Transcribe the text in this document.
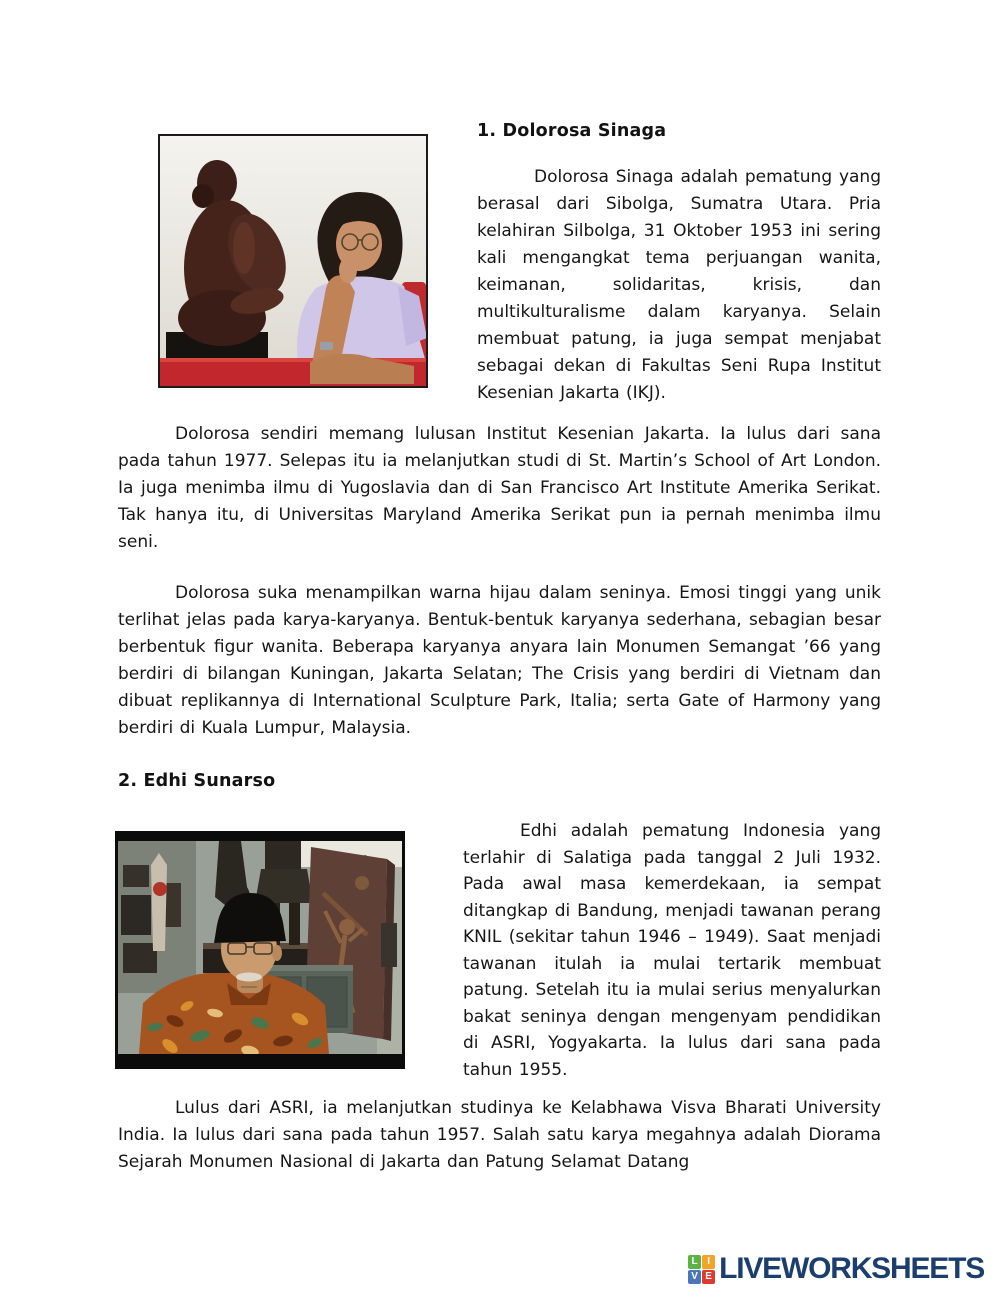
1. Dolorosa Sinaga

Dolorosa Sinaga adalah pematung yang berasal dari Sibolga, Sumatra Utara. Pria kelahiran Silbolga, 31 Oktober 1953 ini sering kali mengangkat tema perjuangan wanita, keimanan, solidaritas, krisis, dan multikulturalisme dalam karyanya. Selain membuat patung, ia juga sempat menjabat sebagai dekan di Fakultas Seni Rupa Institut Kesenian Jakarta (IKJ).

Dolorosa sendiri memang lulusan Institut Kesenian Jakarta. Ia lulus dari sana pada tahun 1977. Selepas itu ia melanjutkan studi di St. Martin’s School of Art London. Ia juga menimba ilmu di Yugoslavia dan di San Francisco Art Institute Amerika Serikat. Tak hanya itu, di Universitas Maryland Amerika Serikat pun ia pernah menimba ilmu seni.

Dolorosa suka menampilkan warna hijau dalam seninya. Emosi tinggi yang unik terlihat jelas pada karya-karyanya. Bentuk-bentuk karyanya sederhana, sebagian besar berbentuk figur wanita. Beberapa karyanya anyara lain Monumen Semangat ’66 yang berdiri di bilangan Kuningan, Jakarta Selatan; The Crisis yang berdiri di Vietnam dan dibuat replikannya di International Sculpture Park, Italia; serta Gate of Harmony yang berdiri di Kuala Lumpur, Malaysia.

2. Edhi Sunarso

Edhi adalah pematung Indonesia yang terlahir di Salatiga pada tanggal 2 Juli 1932. Pada awal masa kemerdekaan, ia sempat ditangkap di Bandung, menjadi tawanan perang KNIL (sekitar tahun 1946 – 1949). Saat menjadi tawanan itulah ia mulai tertarik membuat patung. Setelah itu ia mulai serius menyalurkan bakat seninya dengan mengenyam pendidikan di ASRI, Yogyakarta. Ia lulus dari sana pada tahun 1955.

Lulus dari ASRI, ia melanjutkan studinya ke Kelabhawa Visva Bharati University India. Ia lulus dari sana pada tahun 1957. Salah satu karya megahnya adalah Diorama Sejarah Monumen Nasional di Jakarta dan Patung Selamat Datang

L I
V E LIVEWORKSHEETS
